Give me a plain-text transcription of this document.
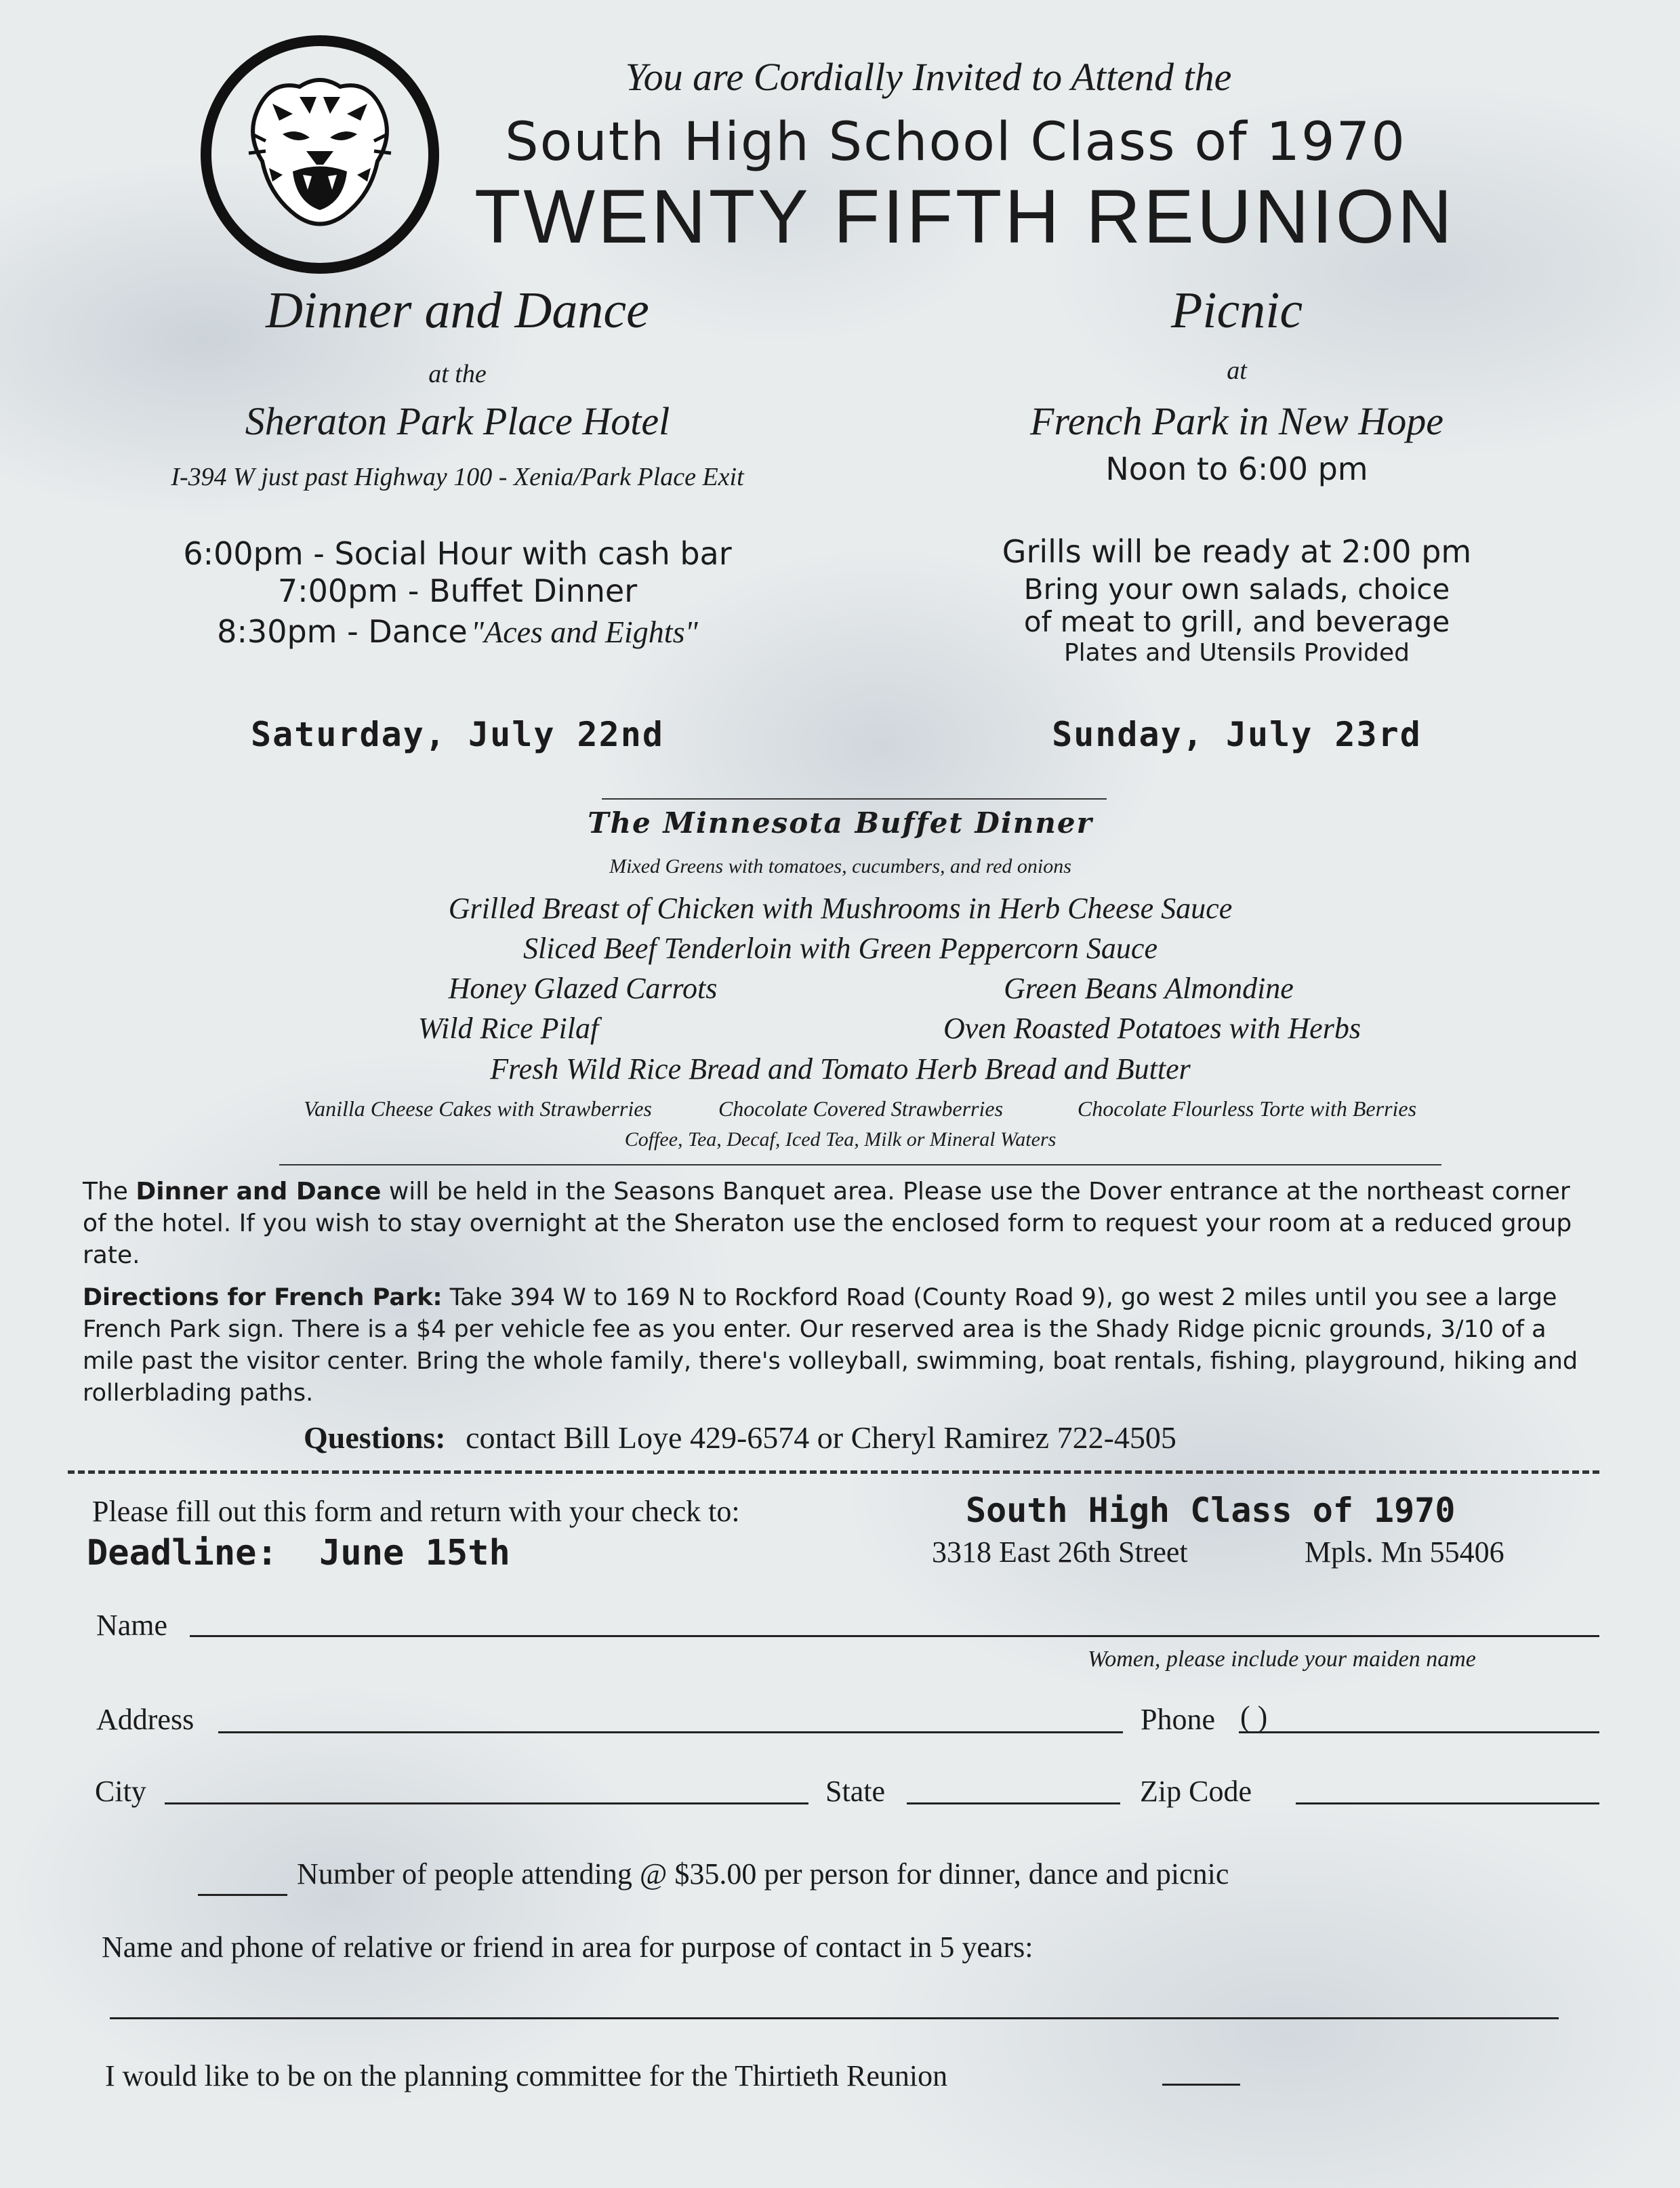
You are Cordially Invited to Attend the
South High School Class of 1970
TWENTY FIFTH REUNION
Dinner and Dance
at the
Sheraton Park Place Hotel
I-394 W just past Highway 100 - Xenia/Park Place Exit
6:00pm - Social Hour with cash bar
7:00pm - Buffet Dinner
8:30pm - Dance "Aces and Eights"
Saturday, July 22nd
Picnic
at
French Park in New Hope
Noon to 6:00 pm
Grills will be ready at 2:00 pm
Bring your own salads, choice
of meat to grill, and beverage
Plates and Utensils Provided
Sunday, July 23rd
The Minnesota Buffet Dinner
Mixed Greens with tomatoes, cucumbers, and red onions
Grilled Breast of Chicken with Mushrooms in Herb Cheese Sauce
Sliced Beef Tenderloin with Green Peppercorn Sauce
Honey Glazed Carrots	Green Beans Almondine
Wild Rice Pilaf	Oven Roasted Potatoes with Herbs
Fresh Wild Rice Bread and Tomato Herb Bread and Butter
Vanilla Cheese Cakes with Strawberries	Chocolate Covered Strawberries	Chocolate Flourless Torte with Berries
Coffee, Tea, Decaf, Iced Tea, Milk or Mineral Waters
The Dinner and Dance will be held in the Seasons Banquet area. Please use the Dover entrance at the northeast corner of the hotel. If you wish to stay overnight at the Sheraton use the enclosed form to request your room at a reduced group rate.
Directions for French Park: Take 394 W to 169 N to Rockford Road (County Road 9), go west 2 miles until you see a large French Park sign. There is a $4 per vehicle fee as you enter. Our reserved area is the Shady Ridge picnic grounds, 3/10 of a mile past the visitor center. Bring the whole family, there's volleyball, swimming, boat rentals, fishing, playground, hiking and rollerblading paths.
Questions: contact Bill Loye 429-6574 or Cheryl Ramirez 722-4505
Please fill out this form and return with your check to:	South High Class of 1970
Deadline: June 15th	3318 East 26th Street	Mpls. Mn 55406
Name
Women, please include your maiden name
Address	Phone ( )
City	State	Zip Code
Number of people attending @ $35.00 per person for dinner, dance and picnic
Name and phone of relative or friend in area for purpose of contact in 5 years:
I would like to be on the planning committee for the Thirtieth Reunion
